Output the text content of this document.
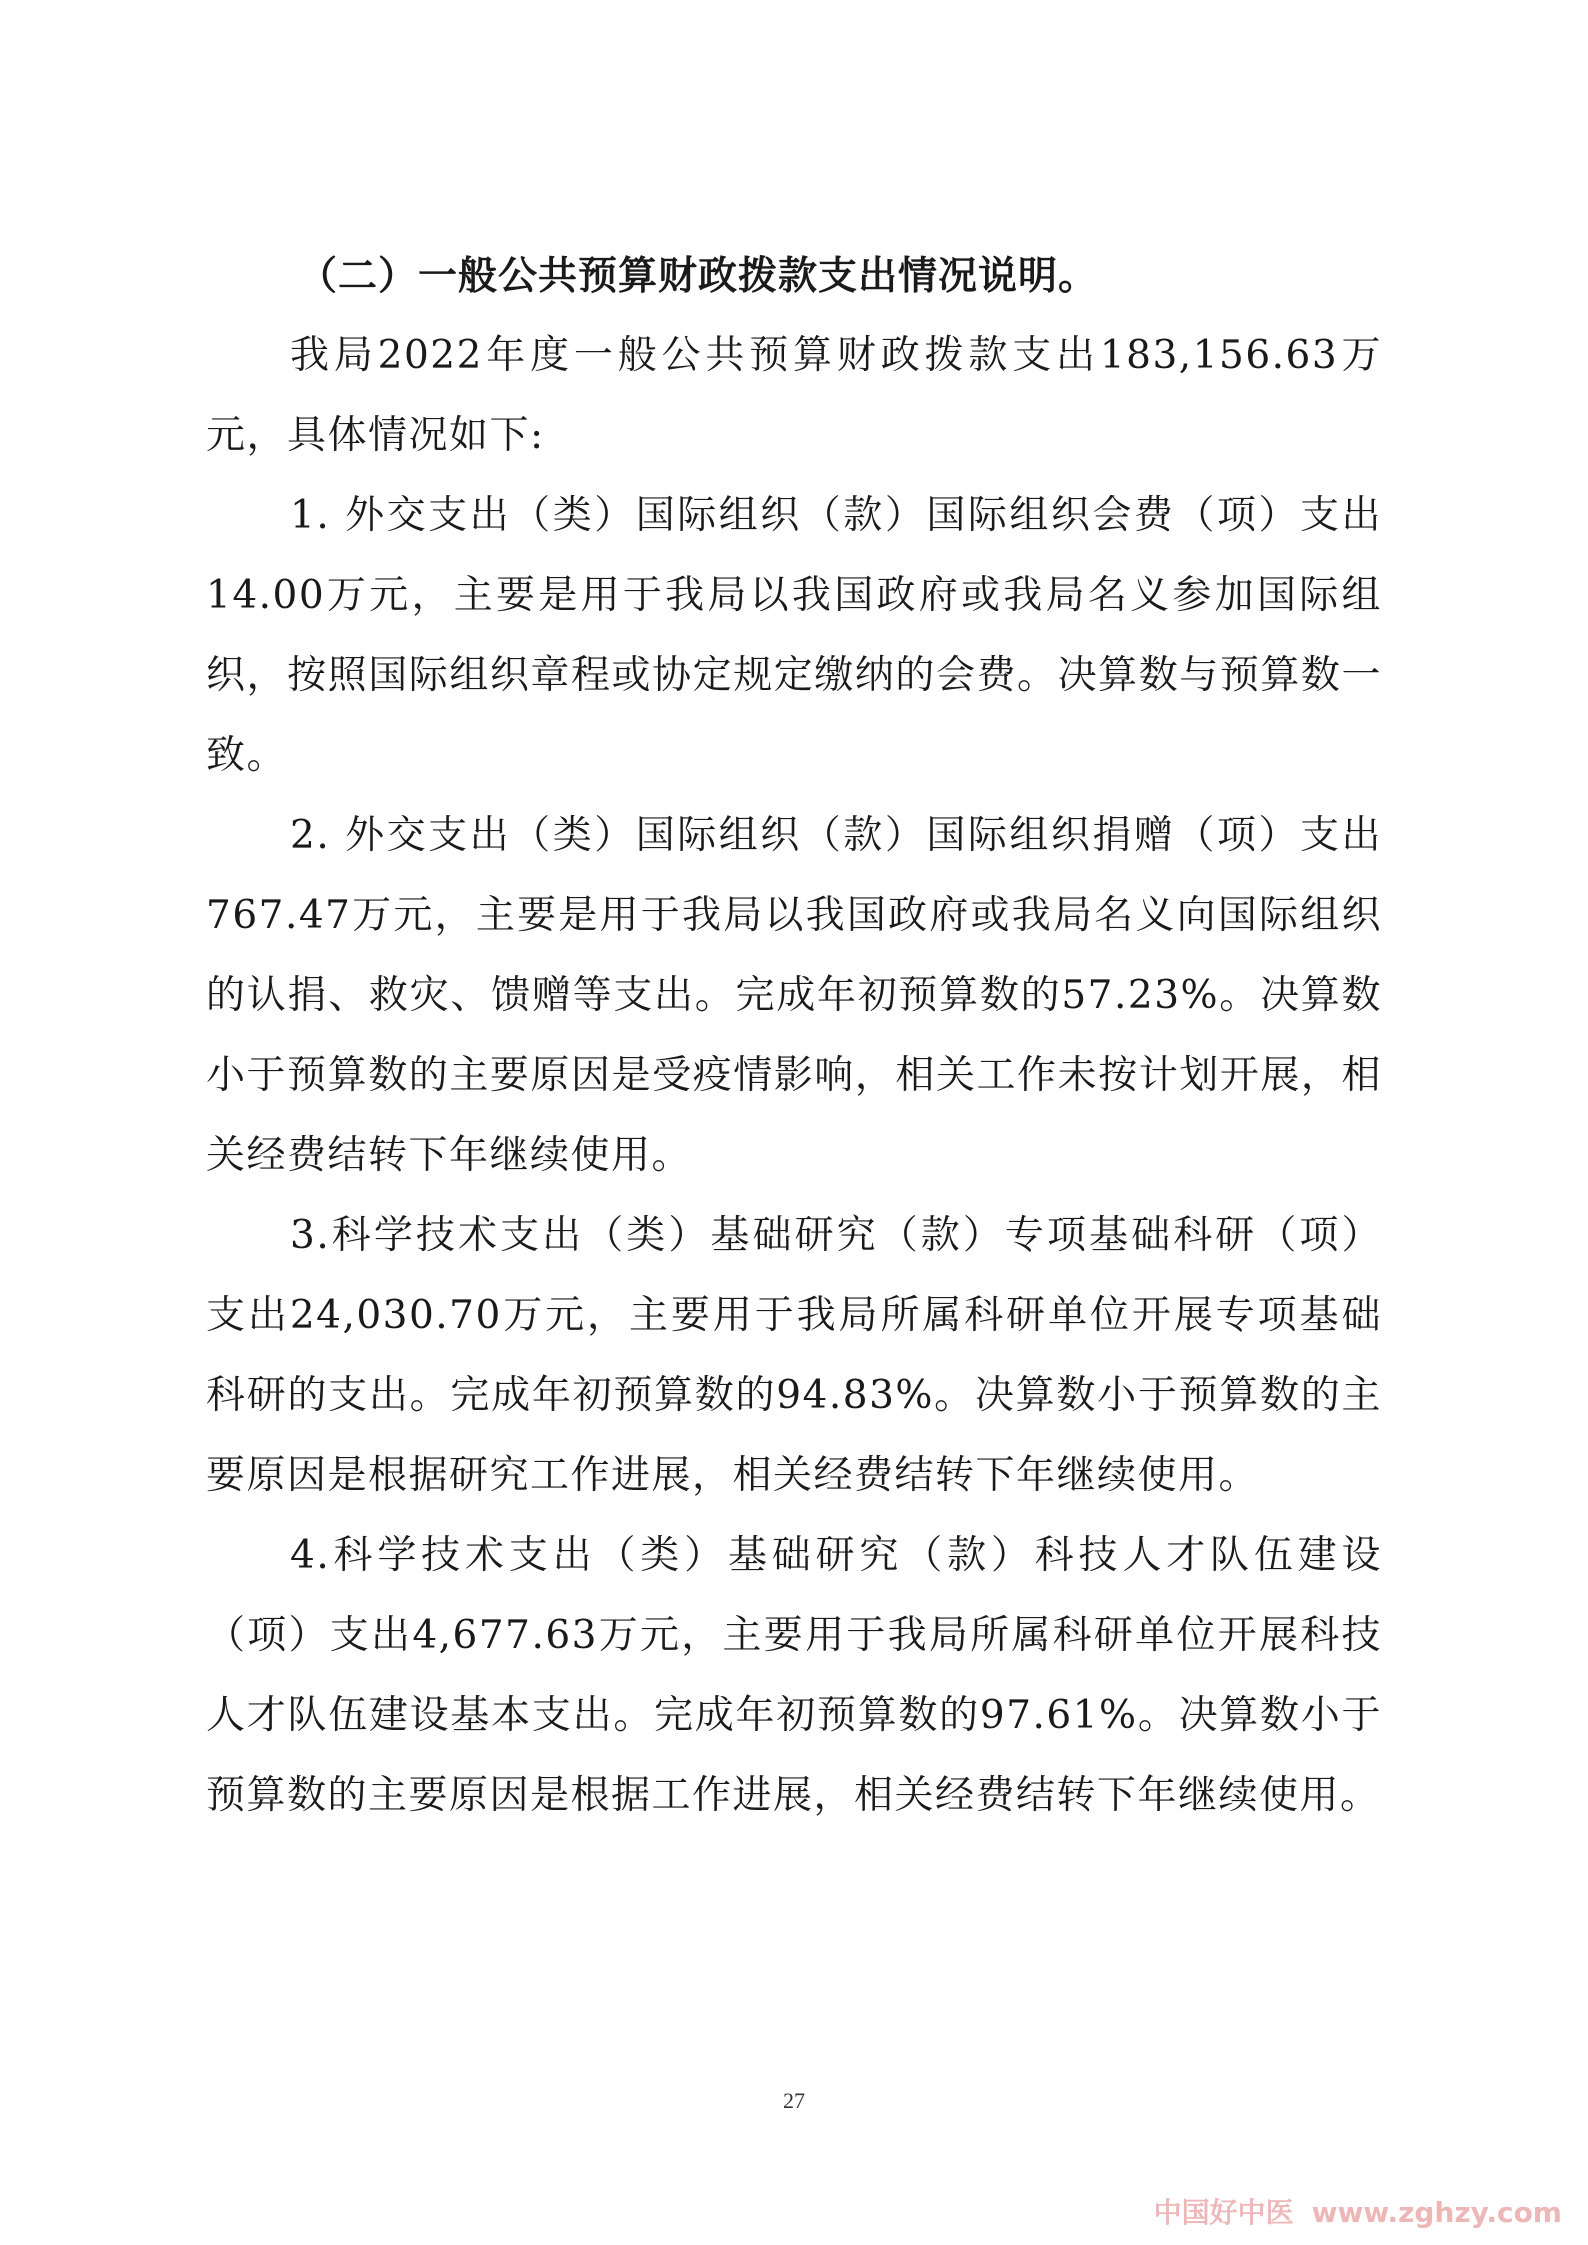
（二）一般公共预算财政拨款支出情况说明。

我局2022年度一般公共预算财政拨款支出183,156.63万元，具体情况如下:

1. 外交支出（类）国际组织（款）国际组织会费（项）支出14.00万元，主要是用于我局以我国政府或我局名义参加国际组织，按照国际组织章程或协定规定缴纳的会费。决算数与预算数一致。

2. 外交支出（类）国际组织（款）国际组织捐赠（项）支出767.47万元，主要是用于我局以我国政府或我局名义向国际组织的认捐、救灾、馈赠等支出。完成年初预算数的57.23%。决算数小于预算数的主要原因是受疫情影响，相关工作未按计划开展，相关经费结转下年继续使用。

3.科学技术支出（类）基础研究（款）专项基础科研（项）支出24,030.70万元，主要用于我局所属科研单位开展专项基础科研的支出。完成年初预算数的94.83%。决算数小于预算数的主要原因是根据研究工作进展，相关经费结转下年继续使用。

4.科学技术支出（类）基础研究（款）科技人才队伍建设（项）支出4,677.63万元，主要用于我局所属科研单位开展科技人才队伍建设基本支出。完成年初预算数的97.61%。决算数小于预算数的主要原因是根据工作进展，相关经费结转下年继续使用。

27
中国好中医 www.zghzy.com
